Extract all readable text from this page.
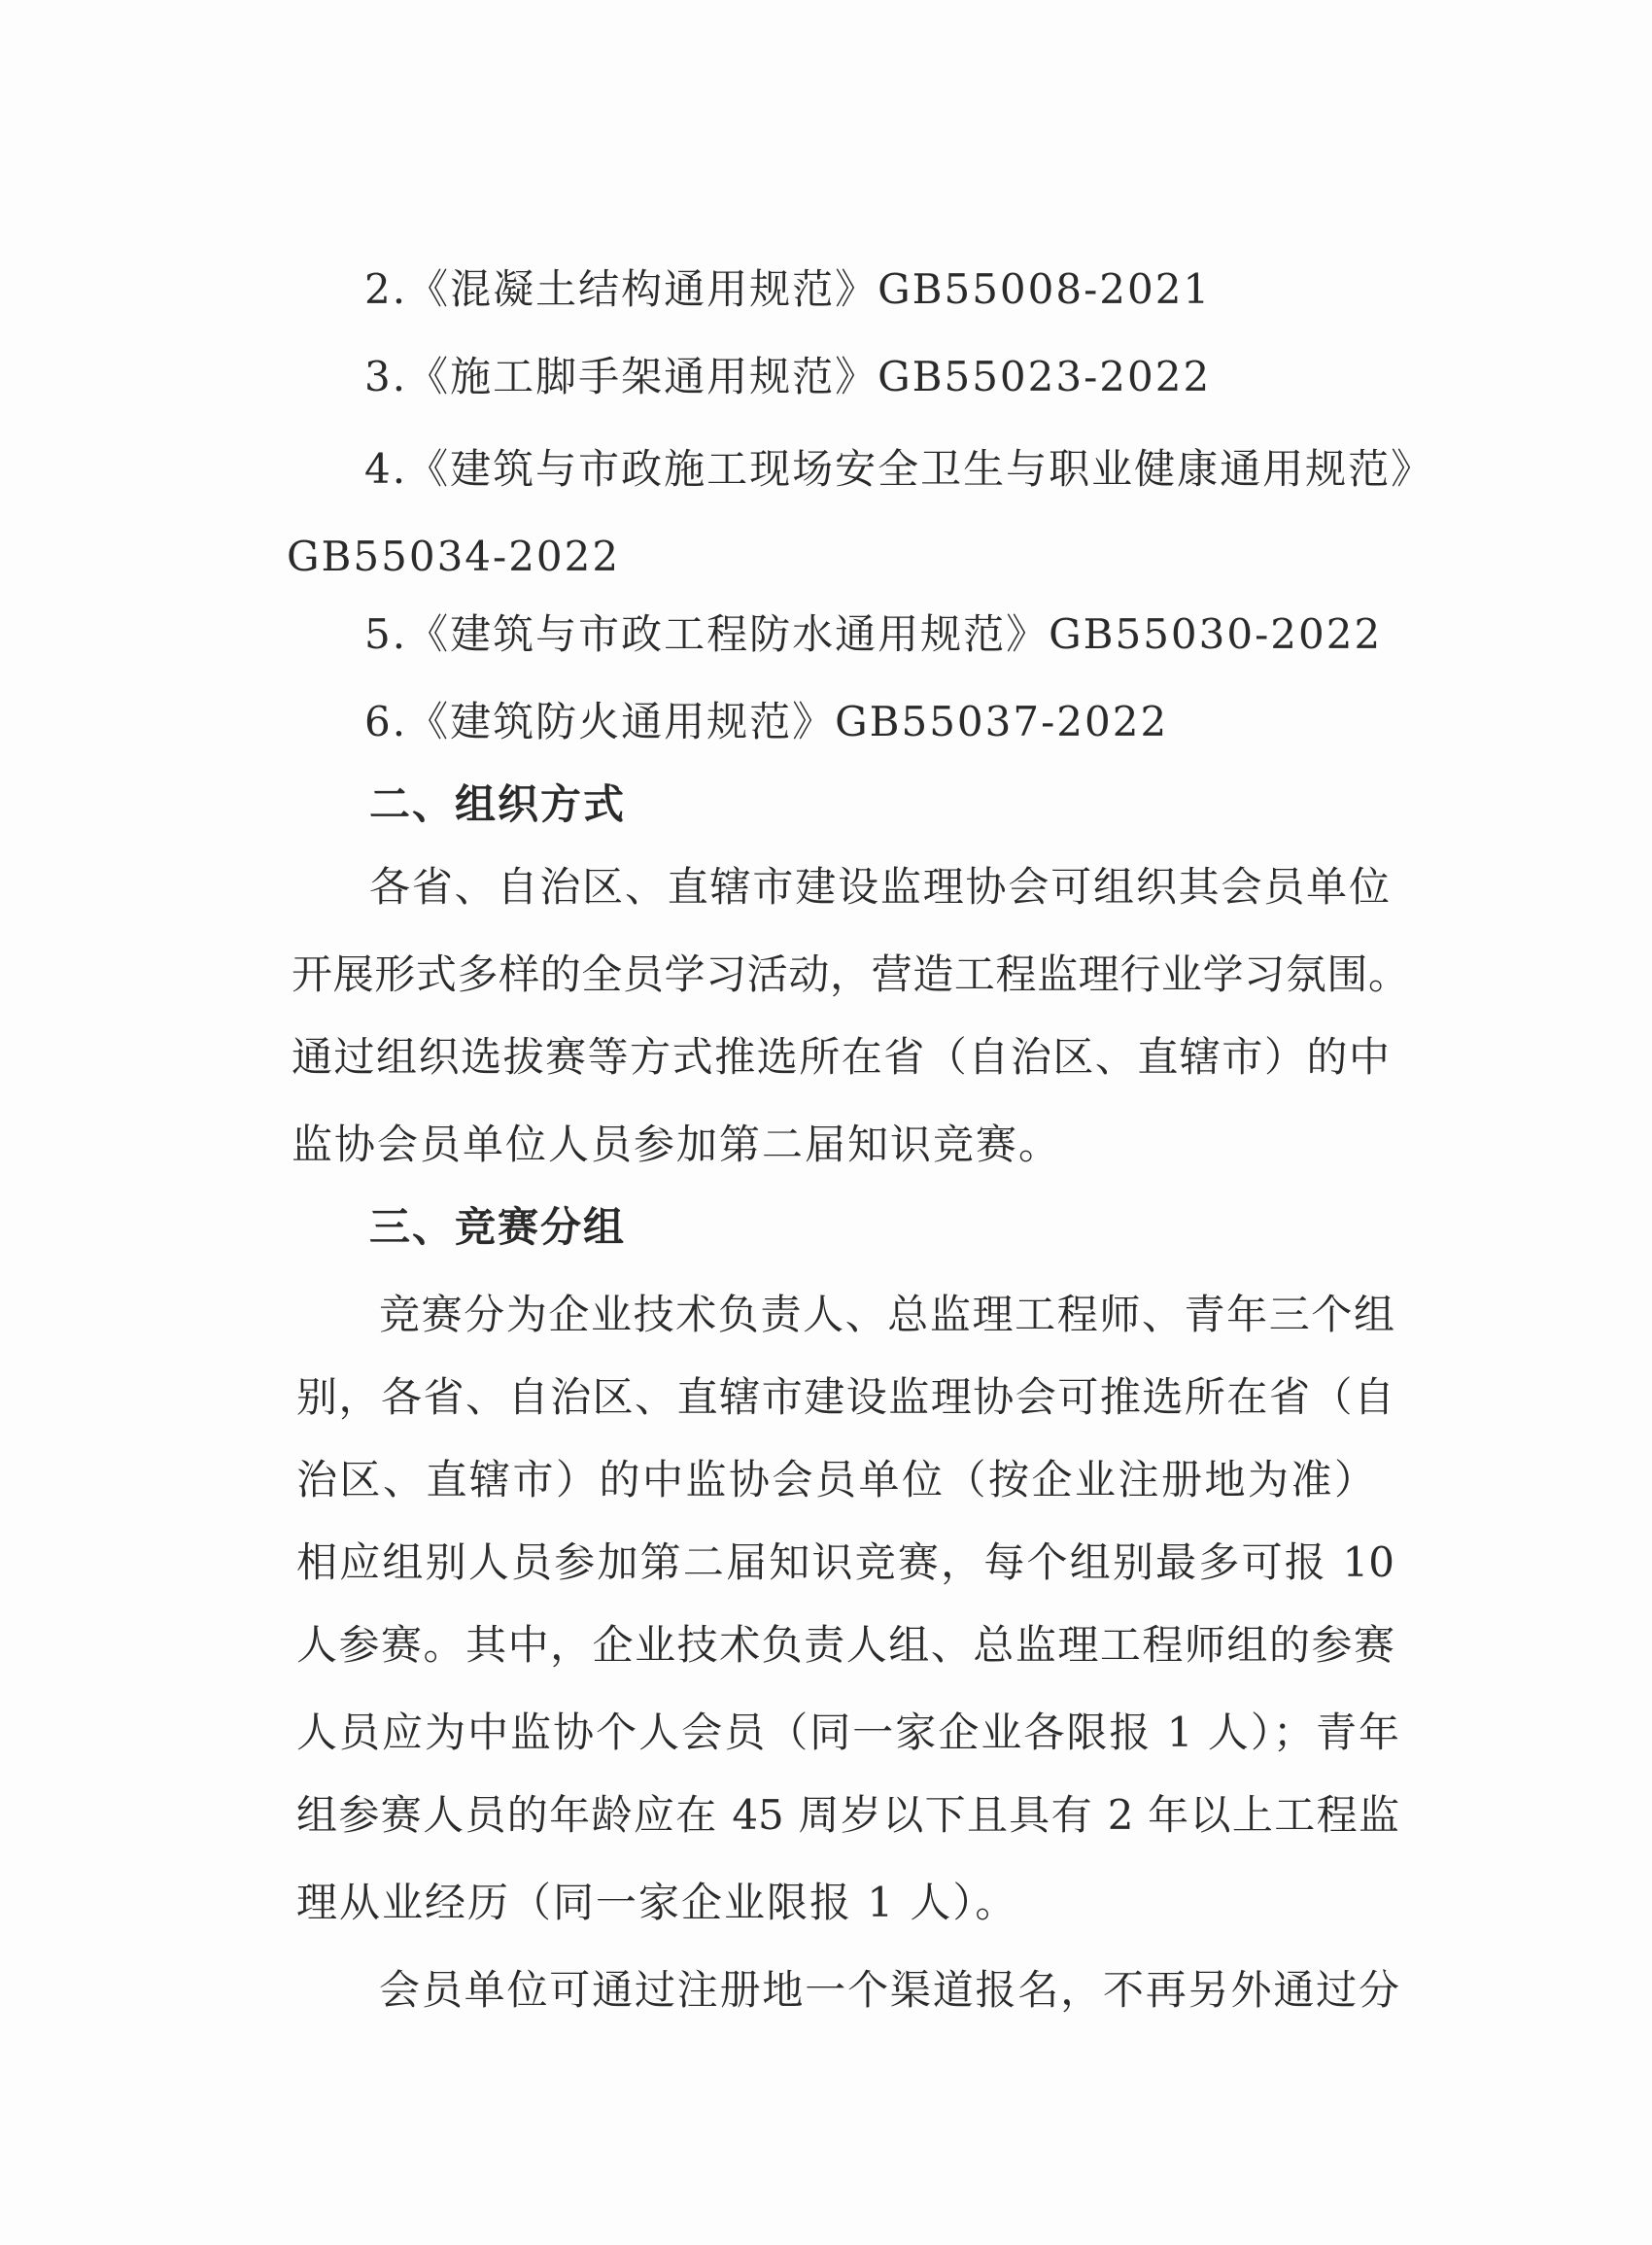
2.《混凝土结构通用规范》GB55008-2021
3.《施工脚手架通用规范》GB55023-2022
4.《建筑与市政施工现场安全卫生与职业健康通用规范》
GB55034-2022
5.《建筑与市政工程防水通用规范》GB55030-2022
6.《建筑防火通用规范》GB55037-2022
二、组织方式
各省、自治区、直辖市建设监理协会可组织其会员单位
开展形式多样的全员学习活动，营造工程监理行业学习氛围。
通过组织选拔赛等方式推选所在省（自治区、直辖市）的中
监协会员单位人员参加第二届知识竞赛。
三、竞赛分组
竞赛分为企业技术负责人、总监理工程师、青年三个组
别，各省、自治区、直辖市建设监理协会可推选所在省（自
治区、直辖市）的中监协会员单位（按企业注册地为准）
相应组别人员参加第二届知识竞赛，每个组别最多可报 10
人参赛。其中，企业技术负责人组、总监理工程师组的参赛
人员应为中监协个人会员（同一家企业各限报 1 人）；青年
组参赛人员的年龄应在 45 周岁以下且具有 2 年以上工程监
理从业经历（同一家企业限报 1 人）。
会员单位可通过注册地一个渠道报名，不再另外通过分
